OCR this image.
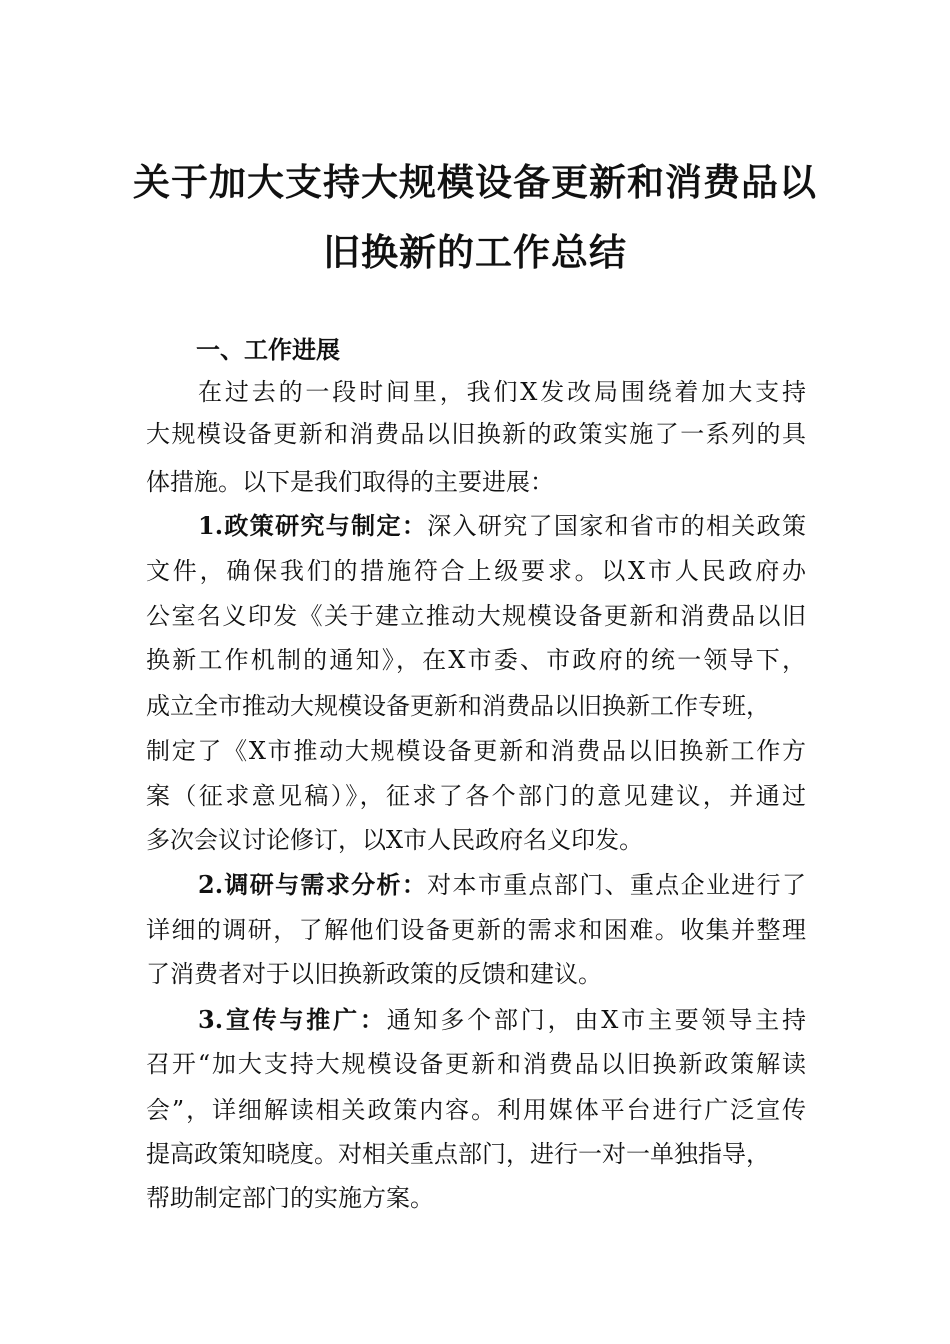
关于加大支持大规模设备更新和消费品以
旧换新的工作总结
一、工作进展
在过去的一段时间里，我们X发改局围绕着加大支持
大规模设备更新和消费品以旧换新的政策实施了一系列的具
体措施。以下是我们取得的主要进展：
1.政策研究与制定：深入研究了国家和省市的相关政策
文件，确保我们的措施符合上级要求。以X市人民政府办
公室名义印发《关于建立推动大规模设备更新和消费品以旧
换新工作机制的通知》，在X市委、市政府的统一领导下，
成立全市推动大规模设备更新和消费品以旧换新工作专班，
制定了《X市推动大规模设备更新和消费品以旧换新工作方
案（征求意见稿）》，征求了各个部门的意见建议，并通过
多次会议讨论修订，以X市人民政府名义印发。
2.调研与需求分析：对本市重点部门、重点企业进行了
详细的调研，了解他们设备更新的需求和困难。收集并整理
了消费者对于以旧换新政策的反馈和建议。
3.宣传与推广：通知多个部门，由X市主要领导主持
召开“加大支持大规模设备更新和消费品以旧换新政策解读
会”，详细解读相关政策内容。利用媒体平台进行广泛宣传
提高政策知晓度。对相关重点部门，进行一对一单独指导，
帮助制定部门的实施方案。
